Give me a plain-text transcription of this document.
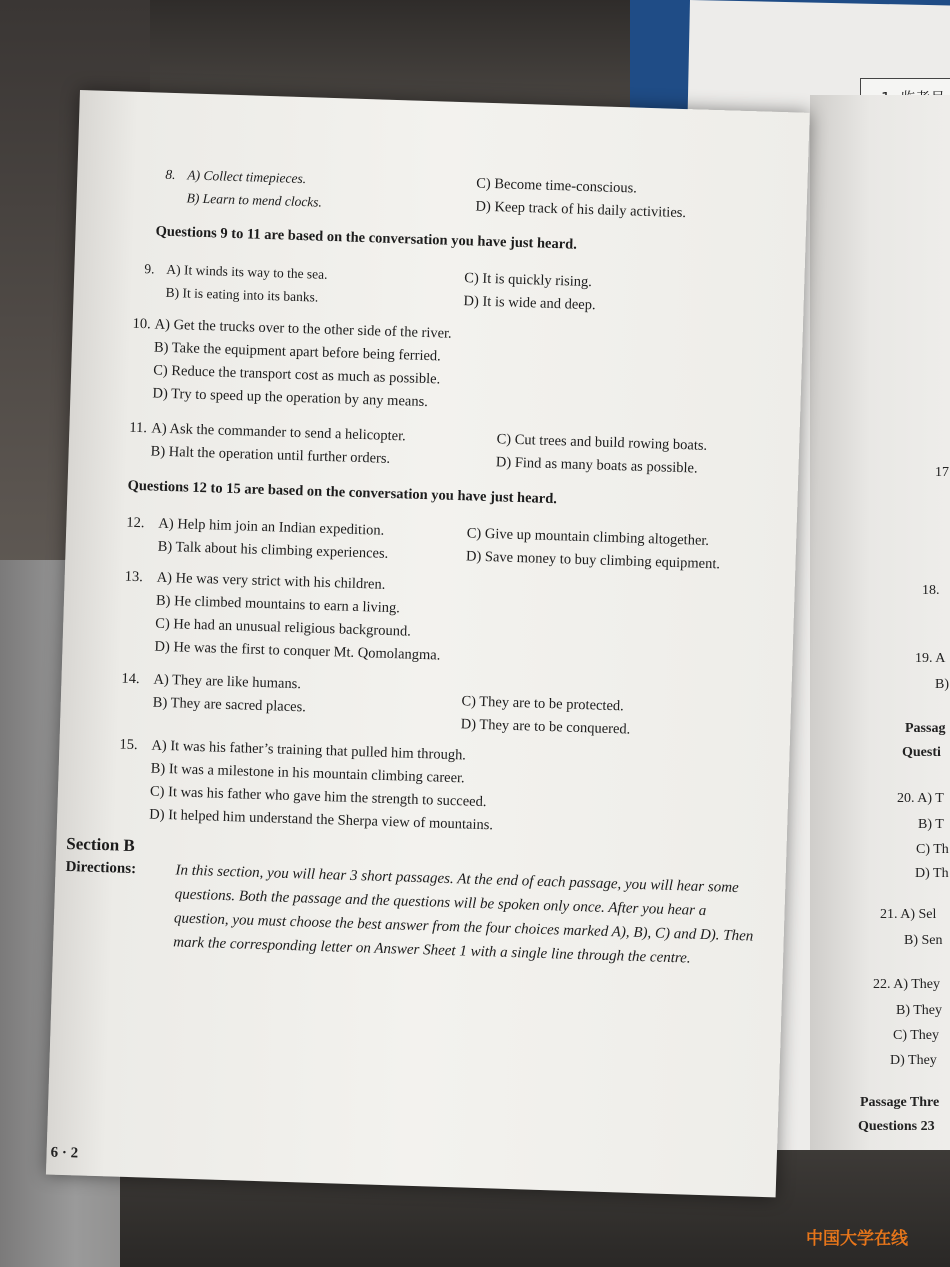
17
18.
19. A
B)
Passag
Questi
20. A) T
B) T
C) Th
D) Th
21. A) Sel
B) Sen
22. A) They
B) They
C) They
D) They
Passage Thre
Questions 23
8. A) Collect timepieces.
B) Learn to mend clocks.
C) Become time-conscious.
D) Keep track of his daily activities.
Questions 9 to 11 are based on the conversation you have just heard.
9. A) It winds its way to the sea.
B) It is eating into its banks.
C) It is quickly rising.
D) It is wide and deep.
10. A) Get the trucks over to the other side of the river.
B) Take the equipment apart before being ferried.
C) Reduce the transport cost as much as possible.
D) Try to speed up the operation by any means.
11. A) Ask the commander to send a helicopter.
B) Halt the operation until further orders.
C) Cut trees and build rowing boats.
D) Find as many boats as possible.
Questions 12 to 15 are based on the conversation you have just heard.
12. A) Help him join an Indian expedition.
B) Talk about his climbing experiences.
C) Give up mountain climbing altogether.
D) Save money to buy climbing equipment.
13. A) He was very strict with his children.
B) He climbed mountains to earn a living.
C) He had an unusual religious background.
D) He was the first to conquer Mt. Qomolangma.
14. A) They are like humans.
B) They are sacred places.	C) They are to be protected.
D) They are to be conquered.
15. A) It was his father’s training that pulled him through.
B) It was a milestone in his mountain climbing career.
C) It was his father who gave him the strength to succeed.
D) It helped him understand the Sherpa view of mountains.
Section B
Directions:	In this section, you will hear 3 short passages. At the end of each passage, you will hear some questions. Both the passage and the questions will be spoken only once. After you hear a question, you must choose the best answer from the four choices marked A), B), C) and D). Then mark the corresponding letter on Answer Sheet 1 with a single line through the centre.
6 · 2
中国大学在线
